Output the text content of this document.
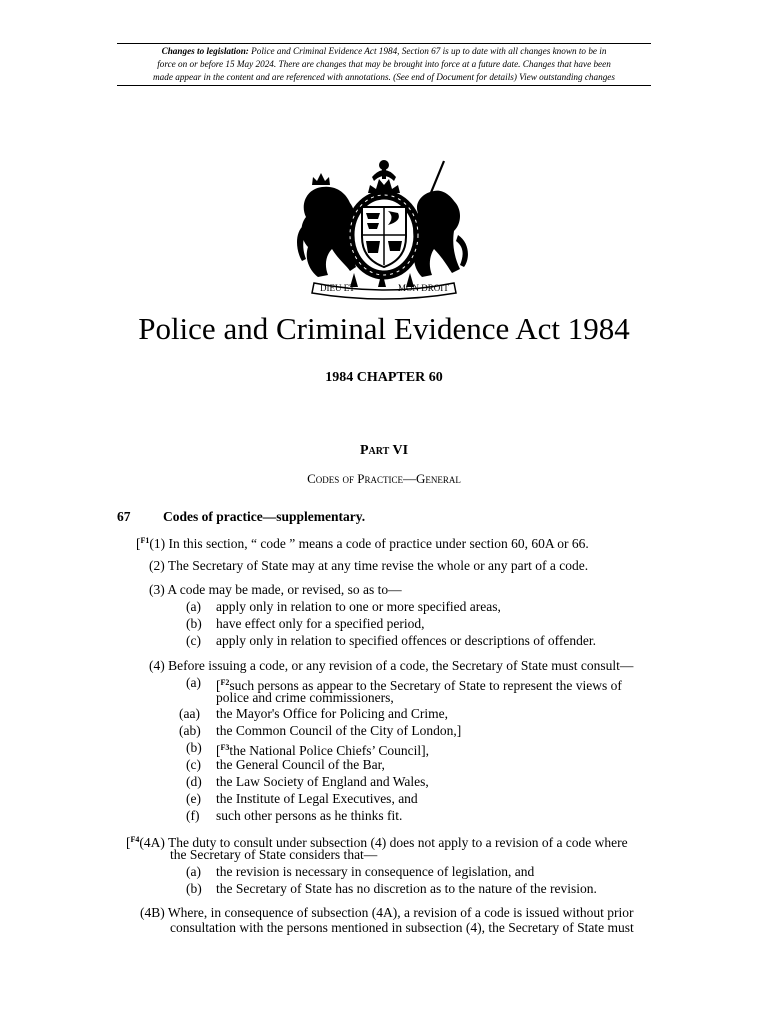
Changes to legislation: Police and Criminal Evidence Act 1984, Section 67 is up to date with all changes known to be in
force on or before 15 May 2024. There are changes that may be brought into force at a future date. Changes that have been
made appear in the content and are referenced with annotations. (See end of Document for details) View outstanding changes
DIEU ET	MON DROIT
Police and Criminal Evidence Act 1984
1984 CHAPTER 60
Part VI
Codes of Practice—General
67 Codes of practice—supplementary.
[$^{F1}$(1) In this section, “ code ” means a code of practice under section 60, 60A or 66.
(2) The Secretary of State may at any time revise the whole or any part of a code.
(3) A code may be made, or revised, so as to—
(a) apply only in relation to one or more specified areas,
(b) have effect only for a specified period,
(c) apply only in relation to specified offences or descriptions of offender.
(4) Before issuing a code, or any revision of a code, the Secretary of State must consult—
(a) [$^{F2}$such persons as appear to the Secretary of State to represent the views of
police and crime commissioners,
(aa) the Mayor's Office for Policing and Crime,
(ab) the Common Council of the City of London,]
(b) [$^{F3}$the National Police Chiefs’ Council],
(c) the General Council of the Bar,
(d) the Law Society of England and Wales,
(e) the Institute of Legal Executives, and
(f) such other persons as he thinks fit.
[$^{F4}$(4A) The duty to consult under subsection (4) does not apply to a revision of a code where
the Secretary of State considers that—
(a) the revision is necessary in consequence of legislation, and
(b) the Secretary of State has no discretion as to the nature of the revision.
(4B) Where, in consequence of subsection (4A), a revision of a code is issued without prior
consultation with the persons mentioned in subsection (4), the Secretary of State must
